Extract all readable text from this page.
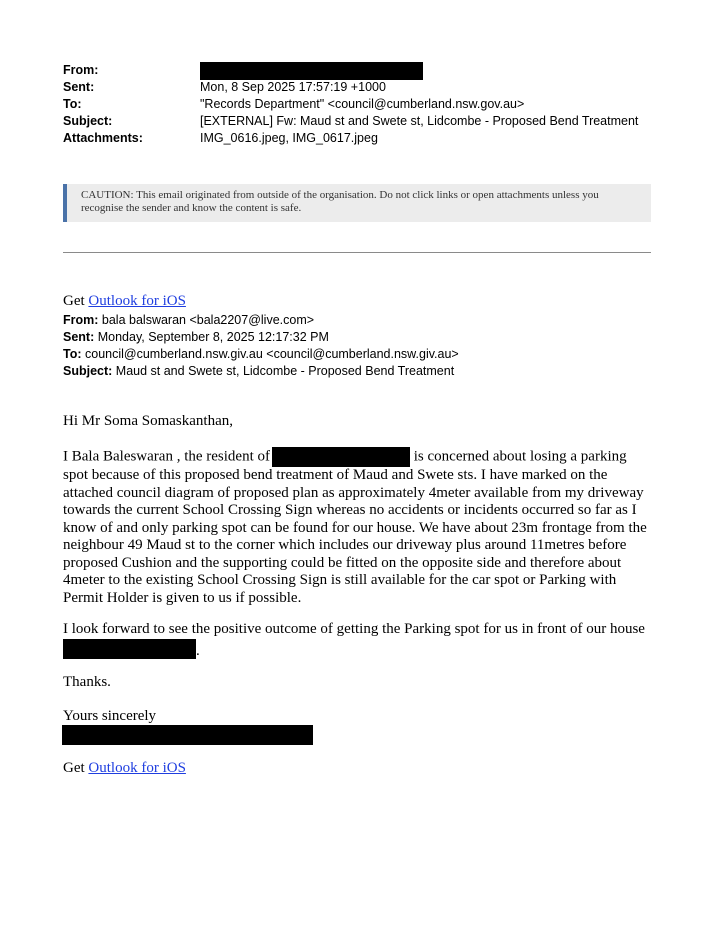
From:
Sent:	Mon, 8 Sep 2025 17:57:19 +1000
To:	"Records Department" <council@cumberland.nsw.gov.au>
Subject:	[EXTERNAL] Fw: Maud st and Swete st, Lidcombe - Proposed Bend Treatment
Attachments:	IMG_0616.jpeg, IMG_0617.jpeg
CAUTION: This email originated from outside of the organisation. Do not click links or open attachments unless you recognise the sender and know the content is safe.
Get Outlook for iOS
From: bala balswaran <bala2207@live.com>
Sent: Monday, September 8, 2025 12:17:32 PM
To: council@cumberland.nsw.giv.au <council@cumberland.nsw.giv.au>
Subject: Maud st and Swete st, Lidcombe - Proposed Bend Treatment

Hi Mr Soma Somaskanthan,

I Bala Baleswaran , the resident of	is concerned about losing a parking spot because of this proposed bend treatment of Maud and Swete sts. I have marked on the attached council diagram of proposed plan as approximately 4meter available from my driveway towards the current School Crossing Sign whereas no accidents or incidents occurred so far as I know of and only parking spot can be found for our house. We have about 23m frontage from the neighbour 49 Maud st to the corner which includes our driveway plus around 11metres before proposed Cushion and the supporting could be fitted on the opposite side and therefore about 4meter to the existing School Crossing Sign is still available for the car spot or Parking with Permit Holder is given to us if possible.

I look forward to see the positive outcome of getting the Parking spot for us in front of our house
.

Thanks.

Yours sincerely

Get Outlook for iOS
